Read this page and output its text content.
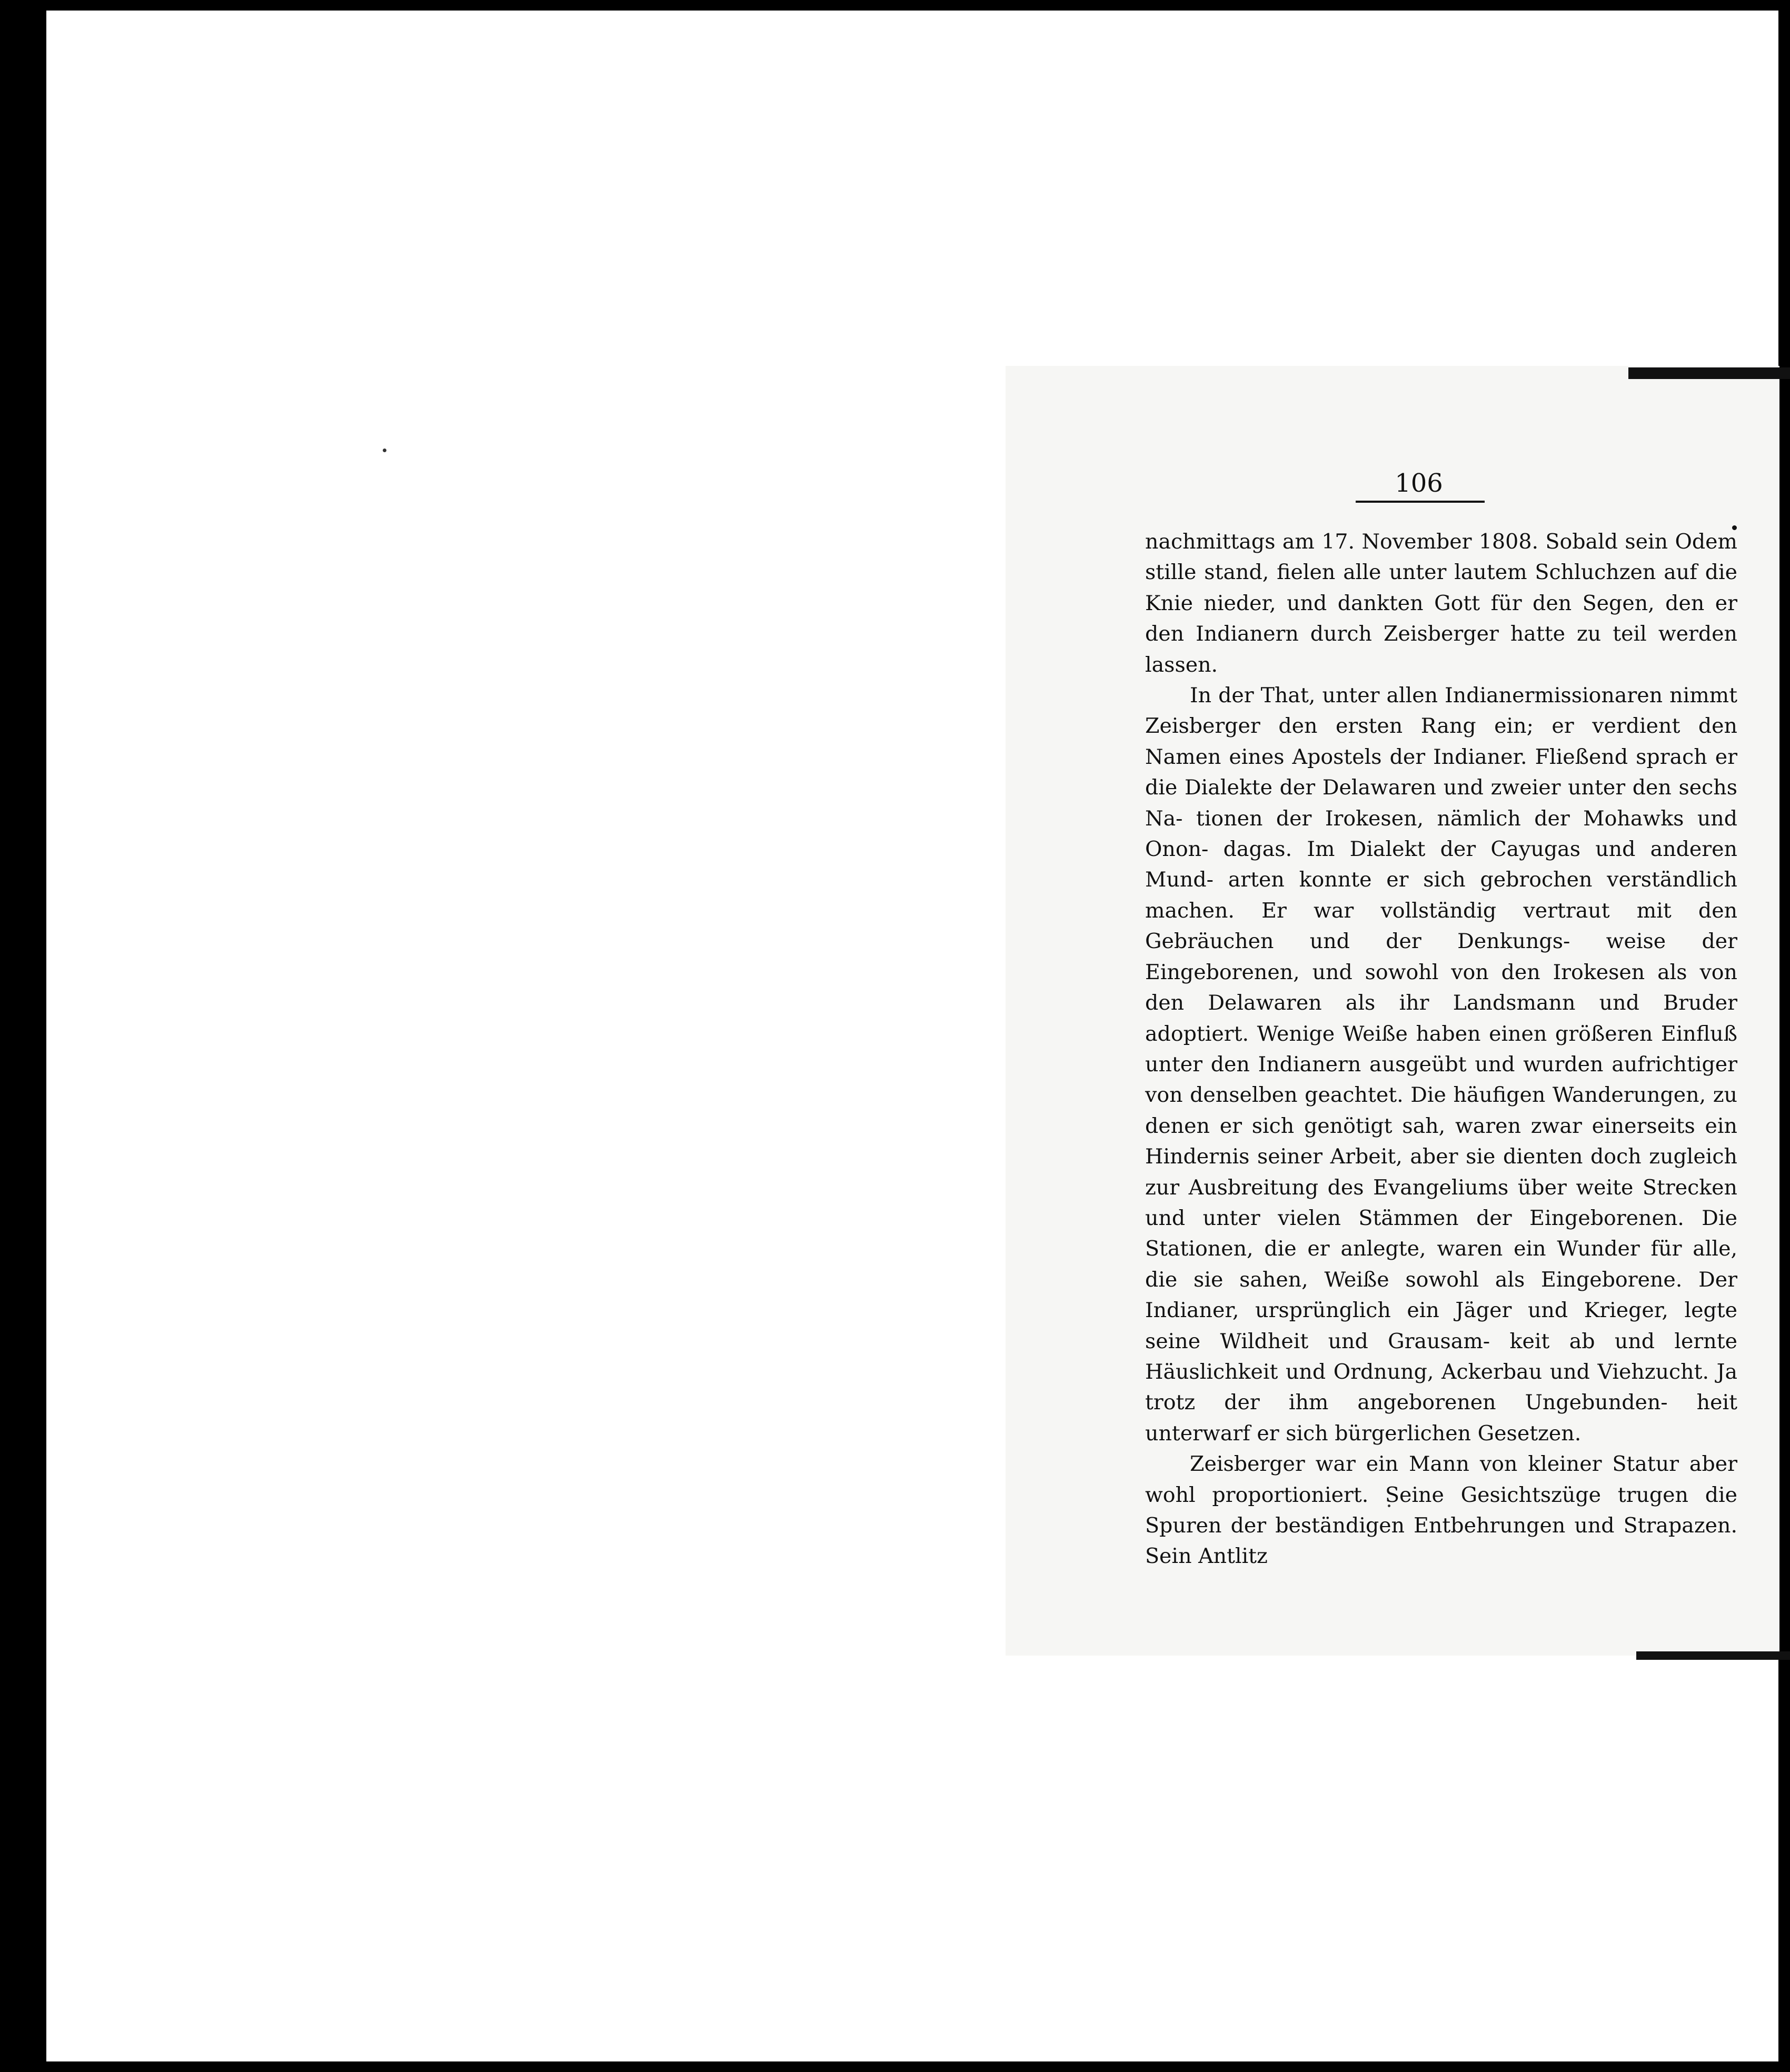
106

nachmittags am 17. November 1808. Sobald sein Odem stille stand, fielen alle unter lautem Schluchzen auf die Knie nieder, und dankten Gott für den Segen, den er den Indianern durch Zeisberger hatte zu teil werden lassen.

In der That, unter allen Indianermissionaren nimmt Zeisberger den ersten Rang ein; er verdient den Namen eines Apostels der Indianer. Fließend sprach er die Dialekte der Delawaren und zweier unter den sechs Na- tionen der Irokesen, nämlich der Mohawks und Onon- dagas. Im Dialekt der Cayugas und anderen Mund- arten konnte er sich gebrochen verständlich machen. Er war vollständig vertraut mit den Gebräuchen und der Denkungs- weise der Eingeborenen, und sowohl von den Irokesen als von den Delawaren als ihr Landsmann und Bruder adoptiert. Wenige Weiße haben einen größeren Einfluß unter den Indianern ausgeübt und wurden aufrichtiger von denselben geachtet. Die häufigen Wanderungen, zu denen er sich genötigt sah, waren zwar einerseits ein Hindernis seiner Arbeit, aber sie dienten doch zugleich zur Ausbreitung des Evangeliums über weite Strecken und unter vielen Stämmen der Eingeborenen. Die Stationen, die er anlegte, waren ein Wunder für alle, die sie sahen, Weiße sowohl als Eingeborene. Der Indianer, ursprünglich ein Jäger und Krieger, legte seine Wildheit und Grausam- keit ab und lernte Häuslichkeit und Ordnung, Ackerbau und Viehzucht. Ja trotz der ihm angeborenen Ungebunden- heit unterwarf er sich bürgerlichen Gesetzen.

Zeisberger war ein Mann von kleiner Statur aber wohl proportioniert. Seine Gesichtszüge trugen die Spuren der beständigen Entbehrungen und Strapazen. Sein Antlitz
